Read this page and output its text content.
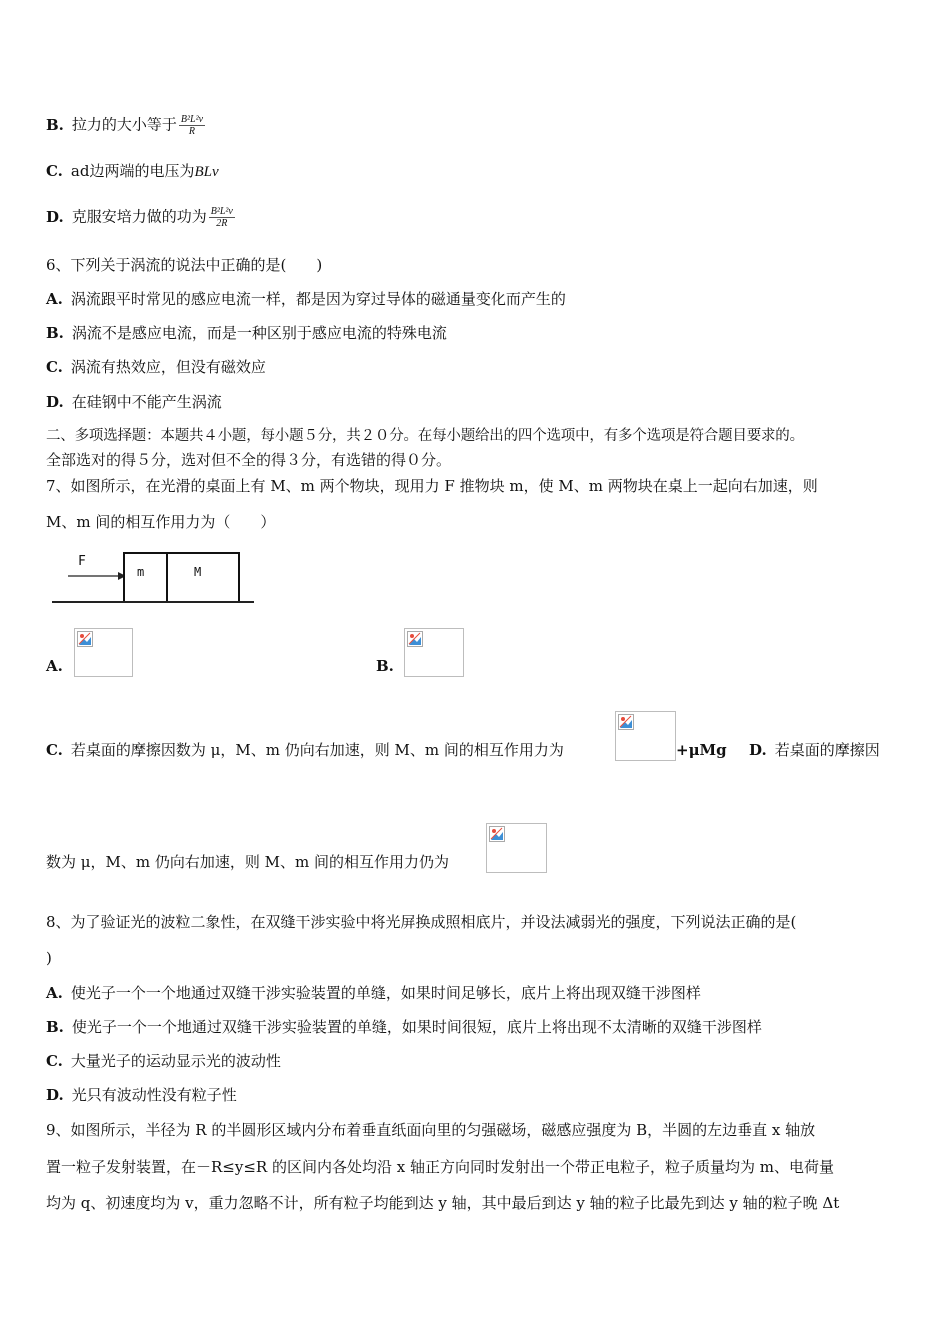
B. 拉力的大小等于 $\frac{\text{B²L²v}}{R}$
C. ad边两端的电压为BLv
D. 克服安培力做的功为 $\frac{\text{B²L²v}}{2R}$
6、下列关于涡流的说法中正确的是(　　)
A. 涡流跟平时常见的感应电流一样，都是因为穿过导体的磁通量变化而产生的
B. 涡流不是感应电流，而是一种区别于感应电流的特殊电流
C. 涡流有热效应，但没有磁效应
D. 在硅钢中不能产生涡流
二、多项选择题：本题共４小题，每小题５分，共２０分。在每小题给出的四个选项中，有多个选项是符合题目要求的。
全部选对的得５分，选对但不全的得３分，有选错的得０分。
7、如图所示，在光滑的桌面上有 M、m 两个物块，现用力 F 推物块 m，使 M、m 两物块在桌上一起向右加速，则
M、m 间的相互作用力为（　　）
F
m	M
A.	B.
C. 若桌面的摩擦因数为 μ，M、m 仍向右加速，则 M、m 间的相互作用力为	+μMg D. 若桌面的摩擦因
数为 μ，M、m 仍向右加速，则 M、m 间的相互作用力仍为
8、为了验证光的波粒二象性，在双缝干涉实验中将光屏换成照相底片，并设法减弱光的强度，下列说法正确的是(
)
A. 使光子一个一个地通过双缝干涉实验装置的单缝，如果时间足够长，底片上将出现双缝干涉图样
B. 使光子一个一个地通过双缝干涉实验装置的单缝，如果时间很短，底片上将出现不太清晰的双缝干涉图样
C. 大量光子的运动显示光的波动性
D. 光只有波动性没有粒子性
9、如图所示，半径为 R 的半圆形区域内分布着垂直纸面向里的匀强磁场，磁感应强度为 B，半圆的左边垂直 x 轴放
置一粒子发射装置，在－R≤y≤R 的区间内各处均沿 x 轴正方向同时发射出一个带正电粒子，粒子质量均为 m、电荷量
均为 q、初速度均为 v，重力忽略不计，所有粒子均能到达 y 轴，其中最后到达 y 轴的粒子比最先到达 y 轴的粒子晚 Δt
